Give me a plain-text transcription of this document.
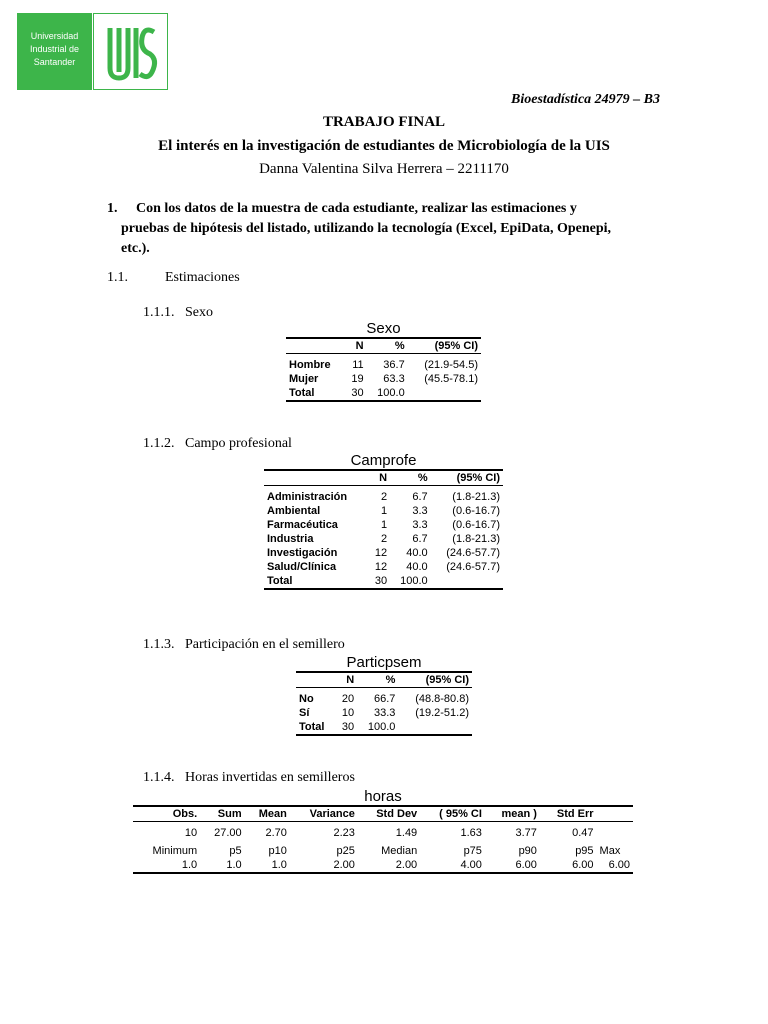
Universidad
Industrial de
Santander
Bioestadística 24979 – B3
TRABAJO FINAL
El interés en la investigación de estudiantes de Microbiología de la UIS
Danna Valentina Silva Herrera – 2211170
1. Con los datos de la muestra de cada estudiante, realizar las estimaciones y
pruebas de hipótesis del listado, utilizando la tecnología (Excel, EpiData, Openepi,
etc.).
1.1.	Estimaciones
1.1.1.   Sexo
Sexo
	N	%	(95% CI)

Hombre	11	36.7	(21.9-54.5)
Mujer	19	63.3	(45.5-78.1)
Total	30	100.0	
1.1.2.   Campo profesional
Camprofe
	N	%	(95% CI)

Administración	2	6.7	(1.8-21.3)
Ambiental	1	3.3	(0.6-16.7)
Farmacéutica	1	3.3	(0.6-16.7)
Industria	2	6.7	(1.8-21.3)
Investigación	12	40.0	(24.6-57.7)
Salud/Clínica	12	40.0	(24.6-57.7)
Total	30	100.0	
1.1.3.   Participación en el semillero
Particpsem
	N	%	(95% CI)

No	20	66.7	(48.8-80.8)
Sí	10	33.3	(19.2-51.2)
Total	30	100.0	
1.1.4.   Horas invertidas en semilleros
horas
Obs.	Sum	Mean	Variance	Std Dev	( 95% CI	mean )	Std Err	

10	27.00	2.70	2.23	1.49	1.63	3.77	0.47	

Minimum	p5	p10	p25	Median	p75	p90	p95	Max
1.0	1.0	1.0	2.00	2.00	4.00	6.00	6.00	6.00
